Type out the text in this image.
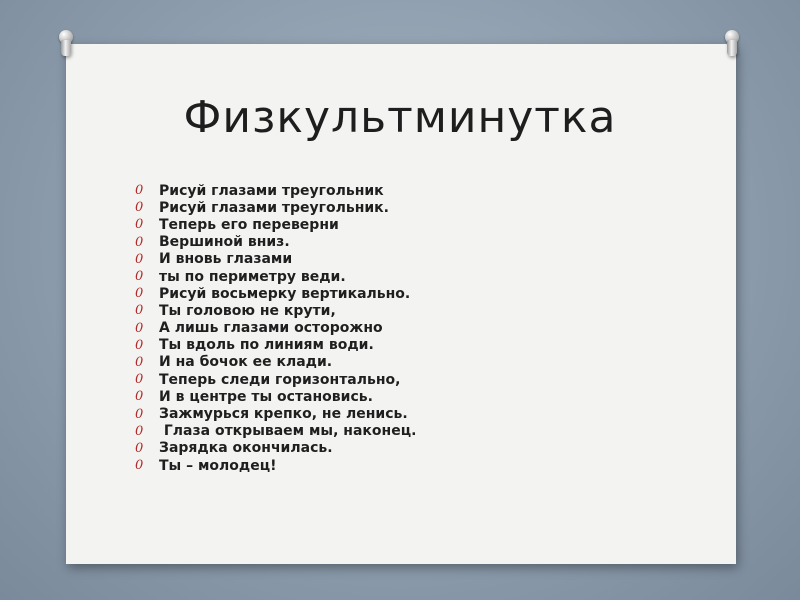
Физкультминутка
0	Рисуй глазами треугольник
0	Рисуй глазами треугольник.
0	Теперь его переверни
0	Вершиной вниз.
0	И вновь глазами
0	ты по периметру веди.
0	Рисуй восьмерку вертикально.
0	Ты головою не крути,
0	А лишь глазами осторожно
0	Ты вдоль по линиям води.
0	И на бочок ее клади.
0	Теперь следи горизонтально,
0	И в центре ты остановись.
0	Зажмурься крепко, не ленись.
0	Глаза открываем мы, наконец.
0	Зарядка окончилась.
0	Ты – молодец!
